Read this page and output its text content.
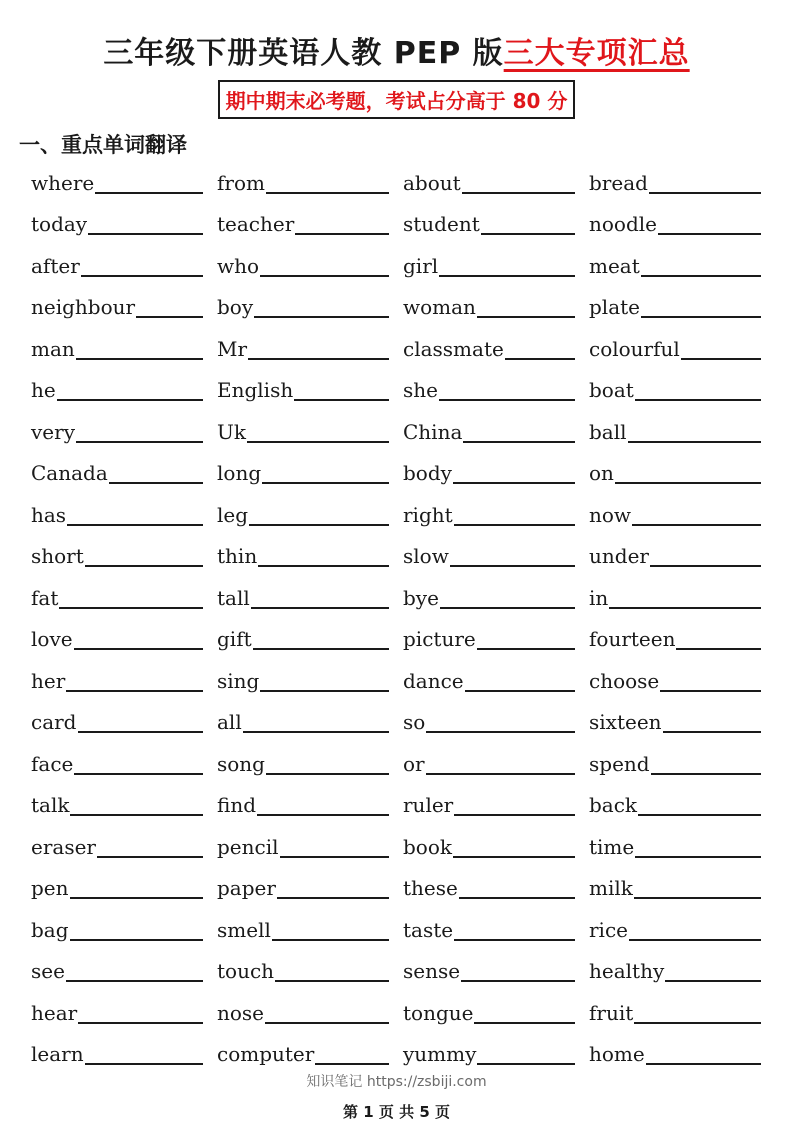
三年级下册英语人教 PEP 版三大专项汇总
期中期末必考题，考试占分高于 80 分
一、重点单词翻译
where	from	about	bread
today	teacher	student	noodle
after	who	girl	meat
neighbour	boy	woman	plate
man	Mr	classmate	colourful
he	English	she	boat
very	Uk	China	ball
Canada	long	body	on
has	leg	right	now
short	thin	slow	under
fat	tall	bye	in
love	gift	picture	fourteen
her	sing	dance	choose
card	all	so	sixteen
face	song	or	spend
talk	find	ruler	back
eraser	pencil	book	time
pen	paper	these	milk
bag	smell	taste	rice
see	touch	sense	healthy
hear	nose	tongue	fruit
learn	computer	yummy	home
知识笔记 https://zsbiji.com
第 1 页 共 5 页
